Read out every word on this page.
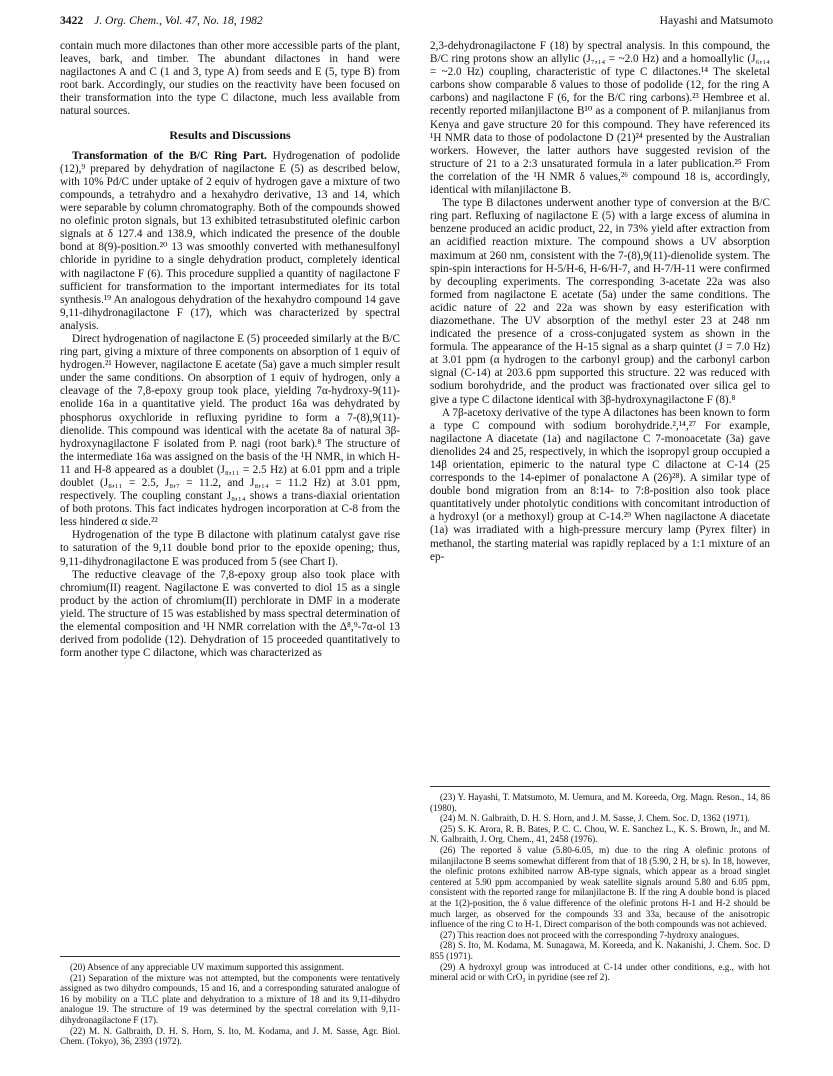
3422 J. Org. Chem., Vol. 47, No. 18, 1982	Hayashi and Matsumoto

contain much more dilactones than other more accessible parts of the plant, leaves, bark, and timber. The abundant dilactones in hand were nagilactones A and C (1 and 3, type A) from seeds and E (5, type B) from root bark. Accordingly, our studies on the reactivity have been focused on their transformation into the type C dilactone, much less available from natural sources.

Results and Discussions

Transformation of the B/C Ring Part. Hydrogenation of podolide (12),⁹ prepared by dehydration of nagilactone E (5) as described below, with 10% Pd/C under uptake of 2 equiv of hydrogen gave a mixture of two compounds, a tetrahydro and a hexahydro derivative, 13 and 14, which were separable by column chromatography. Both of the compounds showed no olefinic proton signals, but 13 exhibited tetrasubstituted olefinic carbon signals at δ 127.4 and 138.9, which indicated the presence of the double bond at 8(9)-position.²⁰ 13 was smoothly converted with methanesulfonyl chloride in pyridine to a single dehydration product, completely identical with nagilactone F (6). This procedure supplied a quantity of nagilactone F sufficient for transformation to the important intermediates for its total synthesis.¹⁹ An analogous dehydration of the hexahydro compound 14 gave 9,11-dihydronagilactone F (17), which was characterized by spectral analysis.

Direct hydrogenation of nagilactone E (5) proceeded similarly at the B/C ring part, giving a mixture of three components on absorption of 1 equiv of hydrogen.²¹ However, nagilactone E acetate (5a) gave a much simpler result under the same conditions. On absorption of 1 equiv of hydrogen, only a cleavage of the 7,8-epoxy group took place, yielding 7α-hydroxy-9(11)-enolide 16a in a quantitative yield. The product 16a was dehydrated by phosphorus oxychloride in refluxing pyridine to form a 7-(8),9(11)-dienolide. This compound was identical with the acetate 8a of natural 3β-hydroxynagilactone F isolated from P. nagi (root bark).⁸ The structure of the intermediate 16a was assigned on the basis of the ¹H NMR, in which H-11 and H-8 appeared as a doublet (J₈,₁₁ = 2.5 Hz) at 6.01 ppm and a triple doublet (J₈,₁₁ = 2.5, J₈,₇ = 11.2, and J₈,₁₄ = 11.2 Hz) at 3.01 ppm, respectively. The coupling constant J₈,₁₄ shows a trans-diaxial orientation of both protons. This fact indicates hydrogen incorporation at C-8 from the less hindered α side.²²

Hydrogenation of the type B dilactone with platinum catalyst gave rise to saturation of the 9,11 double bond prior to the epoxide opening; thus, 9,11-dihydronagilactone E was produced from 5 (see Chart I).

The reductive cleavage of the 7,8-epoxy group also took place with chromium(II) reagent. Nagilactone E was converted to diol 15 as a single product by the action of chromium(II) perchlorate in DMF in a moderate yield. The structure of 15 was established by mass spectral determination of the elemental composition and ¹H NMR correlation with the Δ⁸,⁹-7α-ol 13 derived from podolide (12). Dehydration of 15 proceeded quantitatively to form another type C dilactone, which was characterized as

(20) Absence of any appreciable UV maximum supported this assignment.

(21) Separation of the mixture was not attempted, but the components were tentatively assigned as two dihydro compounds, 15 and 16, and a corresponding saturated analogue of 16 by mobility on a TLC plate and dehydration to a mixture of 18 and its 9,11-dihydro analogue 19. The structure of 19 was determined by the spectral correlation with 9,11-dihydronagilactone F (17).

(22) M. N. Galbraith, D. H. S. Horn, S. Ito, M. Kodama, and J. M. Sasse, Agr. Biol. Chem. (Tokyo), 36, 2393 (1972).

2,3-dehydronagilactone F (18) by spectral analysis. In this compound, the B/C ring protons show an allylic (J₇,₁₄ = ~2.0 Hz) and a homoallylic (J₆,₁₄ = ~2.0 Hz) coupling, characteristic of type C dilactones.¹⁴ The skeletal carbons show comparable δ values to those of podolide (12, for the ring A carbons) and nagilactone F (6, for the B/C ring carbons).²³ Hembree et al. recently reported milanjilactone B¹⁰ as a component of P. milanjianus from Kenya and gave structure 20 for this compound. They have referenced its ¹H NMR data to those of podolactone D (21)²⁴ presented by the Australian workers. However, the latter authors have suggested revision of the structure of 21 to a 2:3 unsaturated formula in a later publication.²⁵ From the correlation of the ¹H NMR δ values,²⁶ compound 18 is, accordingly, identical with milanjilactone B.

The type B dilactones underwent another type of conversion at the B/C ring part. Refluxing of nagilactone E (5) with a large excess of alumina in benzene produced an acidic product, 22, in 73% yield after extraction from an acidified reaction mixture. The compound shows a UV absorption maximum at 260 nm, consistent with the 7-(8),9(11)-dienolide system. The spin-spin interactions for H-5/H-6, H-6/H-7, and H-7/H-11 were confirmed by decoupling experiments. The corresponding 3-acetate 22a was also formed from nagilactone E acetate (5a) under the same conditions. The acidic nature of 22 and 22a was shown by easy esterification with diazomethane. The UV absorption of the methyl ester 23 at 248 nm indicated the presence of a cross-conjugated system as shown in the formula. The appearance of the H-15 signal as a sharp quintet (J = 7.0 Hz) at 3.01 ppm (α hydrogen to the carbonyl group) and the carbonyl carbon signal (C-14) at 203.6 ppm supported this structure. 22 was reduced with sodium borohydride, and the product was fractionated over silica gel to give a type C dilactone identical with 3β-hydroxynagilactone F (8).⁸

A 7β-acetoxy derivative of the type A dilactones has been known to form a type C compound with sodium borohydride.²,¹⁴,²⁷ For example, nagilactone A diacetate (1a) and nagilactone C 7-monoacetate (3a) gave dienolides 24 and 25, respectively, in which the isopropyl group occupied a 14β orientation, epimeric to the natural type C dilactone at C-14 (25 corresponds to the 14-epimer of ponalactone A (26)²⁸). A similar type of double bond migration from an 8:14- to 7:8-position also took place quantitatively under photolytic conditions with concomitant introduction of a hydroxyl (or a methoxyl) group at C-14.²⁹ When nagilactone A diacetate (1a) was irradiated with a high-pressure mercury lamp (Pyrex filter) in methanol, the starting material was rapidly replaced by a 1:1 mixture of an ep-

(23) Y. Hayashi, T. Matsumoto, M. Uemura, and M. Koreeda, Org. Magn. Reson., 14, 86 (1980).

(24) M. N. Galbraith, D. H. S. Horn, and J. M. Sasse, J. Chem. Soc. D, 1362 (1971).

(25) S. K. Arora, R. B. Bates, P. C. C. Chou, W. E. Sanchez L., K. S. Brown, Jr., and M. N. Galbraith, J. Org. Chem., 41, 2458 (1976).

(26) The reported δ value (5.80-6.05, m) due to the ring A olefinic protons of milanjilactone B seems somewhat different from that of 18 (5.90, 2 H, br s). In 18, however, the olefinic protons exhibited narrow AB-type signals, which appear as a broad singlet centered at 5.90 ppm accompanied by weak satellite signals around 5.80 and 6.05 ppm, consistent with the reported range for milanjilactone B. If the ring A double bond is placed at the 1(2)-position, the δ value difference of the olefinic protons H-1 and H-2 should be much larger, as observed for the compounds 33 and 33a, because of the anisotropic influence of the ring C to H-1. Direct comparison of the both compounds was not achieved.

(27) This reaction does not proceed with the corresponding 7-hydroxy analogues.

(28) S. Ito, M. Kodama, M. Sunagawa, M. Koreeda, and K. Nakanishi, J. Chem. Soc. D 855 (1971).

(29) A hydroxyl group was introduced at C-14 under other conditions, e.g., with hot mineral acid or with CrO₃ in pyridine (see ref 2).
